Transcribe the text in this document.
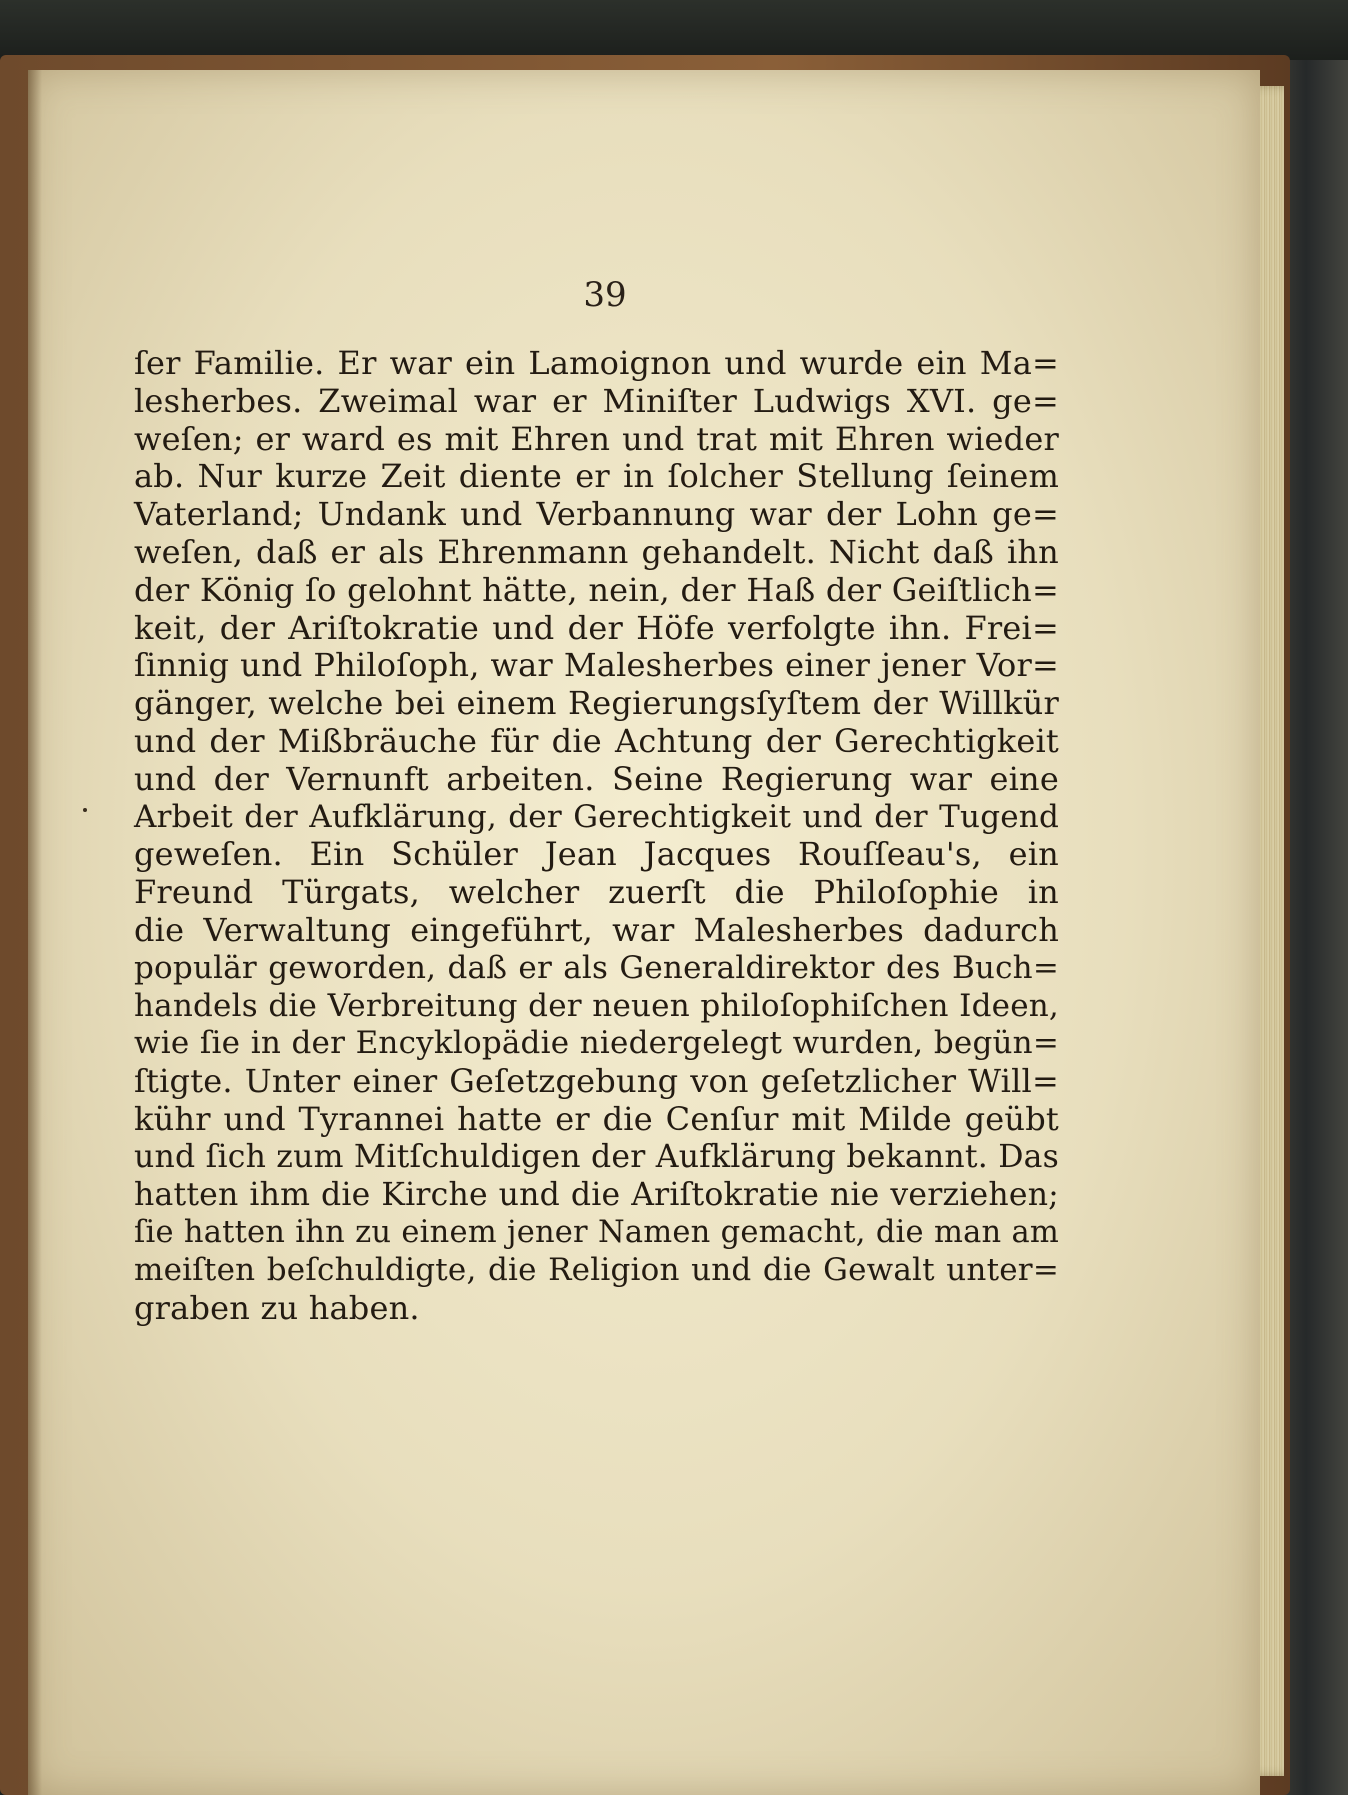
39
ſer Familie. Er war ein Lamoignon und wurde ein Ma=
lesherbes. Zweimal war er Miniſter Ludwigs XVI. ge=
weſen; er ward es mit Ehren und trat mit Ehren wieder
ab. Nur kurze Zeit diente er in ſolcher Stellung ſeinem
Vaterland; Undank und Verbannung war der Lohn ge=
weſen, daß er als Ehrenmann gehandelt. Nicht daß ihn
der König ſo gelohnt hätte, nein, der Haß der Geiſtlich=
keit, der Ariſtokratie und der Höfe verfolgte ihn. Frei=
ſinnig und Philoſoph, war Malesherbes einer jener Vor=
gänger, welche bei einem Regierungsſyſtem der Willkür
und der Mißbräuche für die Achtung der Gerechtigkeit
und der Vernunft arbeiten. Seine Regierung war eine
Arbeit der Aufklärung, der Gerechtigkeit und der Tugend
geweſen. Ein Schüler Jean Jacques Rouſſeau's, ein
Freund Türgats, welcher zuerſt die Philoſophie in
die Verwaltung eingeführt, war Malesherbes dadurch
populär geworden, daß er als Generaldirektor des Buch=
handels die Verbreitung der neuen philoſophiſchen Ideen,
wie ſie in der Encyklopädie niedergelegt wurden, begün=
ſtigte. Unter einer Geſetzgebung von geſetzlicher Will=
kühr und Tyrannei hatte er die Cenſur mit Milde geübt
und ſich zum Mitſchuldigen der Aufklärung bekannt. Das
hatten ihm die Kirche und die Ariſtokratie nie verziehen;
ſie hatten ihn zu einem jener Namen gemacht, die man am
meiſten beſchuldigte, die Religion und die Gewalt unter=
graben zu haben.
